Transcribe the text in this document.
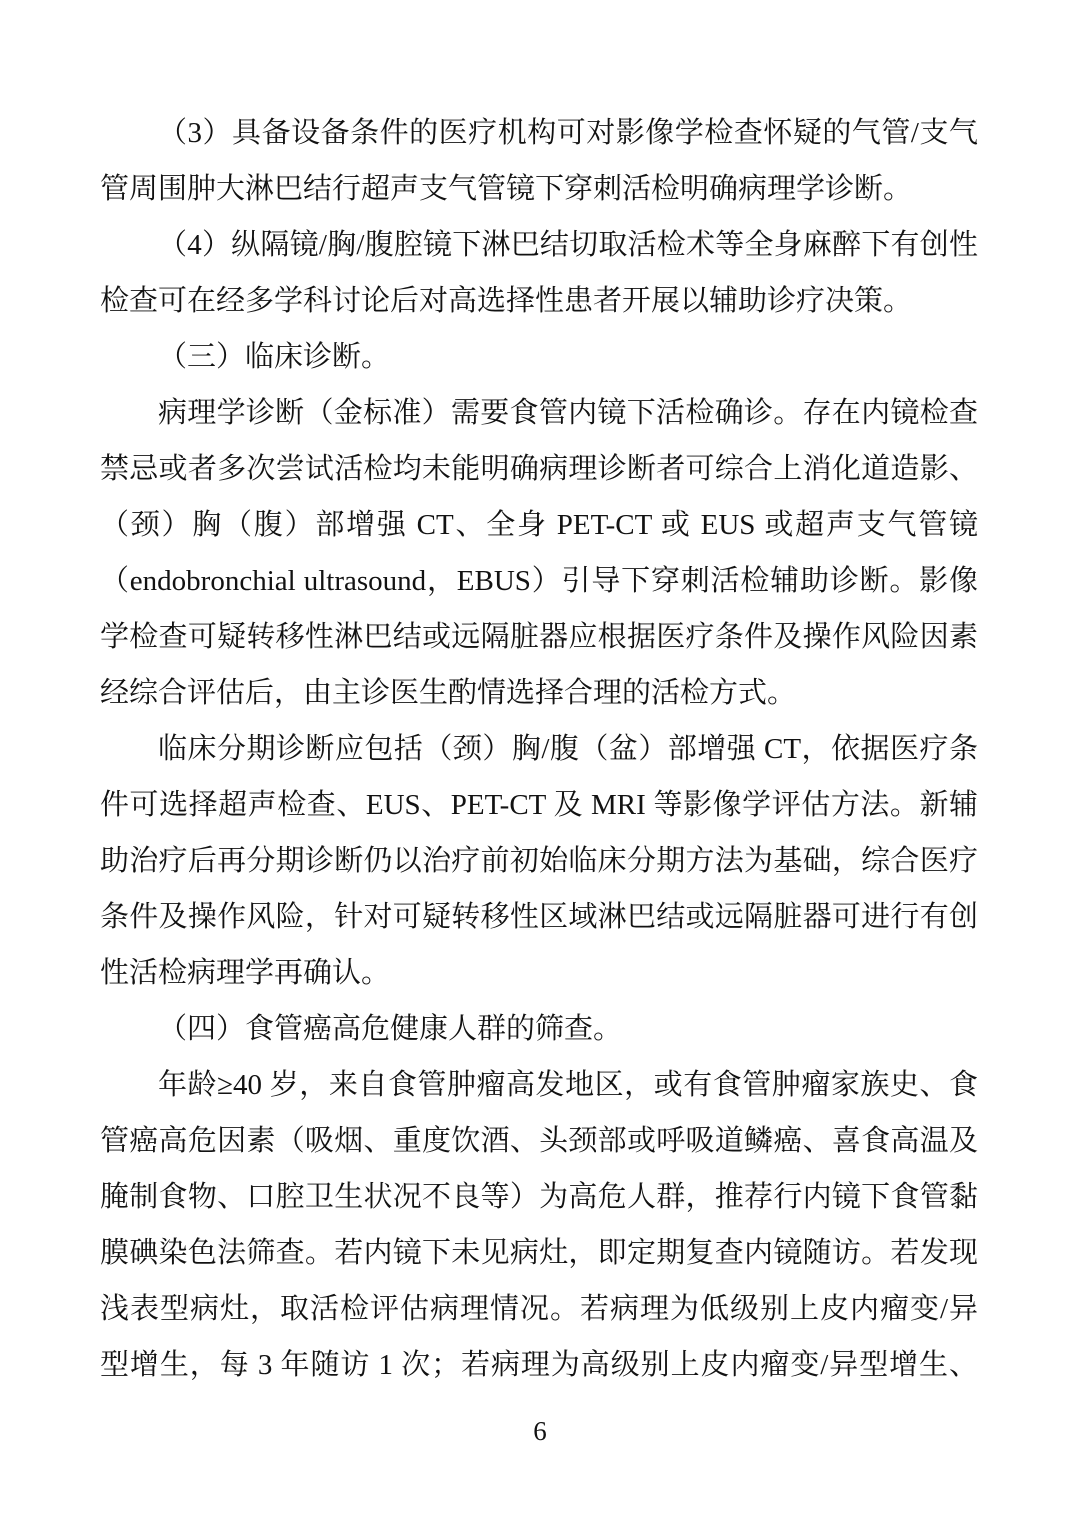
（3）具备设备条件的医疗机构可对影像学检查怀疑的气管/支气
管周围肿大淋巴结行超声支气管镜下穿刺活检明确病理学诊断。
（4）纵隔镜/胸/腹腔镜下淋巴结切取活检术等全身麻醉下有创性
检查可在经多学科讨论后对高选择性患者开展以辅助诊疗决策。
（三）临床诊断。
病理学诊断（金标准）需要食管内镜下活检确诊。存在内镜检查
禁忌或者多次尝试活检均未能明确病理诊断者可综合上消化道造影、
（颈）胸（腹）部增强 CT、全身 PET-CT 或 EUS 或超声支气管镜
（endobronchial ultrasound，EBUS）引导下穿刺活检辅助诊断。影像
学检查可疑转移性淋巴结或远隔脏器应根据医疗条件及操作风险因素
经综合评估后，由主诊医生酌情选择合理的活检方式。
临床分期诊断应包括（颈）胸/腹（盆）部增强 CT，依据医疗条
件可选择超声检查、EUS、PET-CT 及 MRI 等影像学评估方法。新辅
助治疗后再分期诊断仍以治疗前初始临床分期方法为基础，综合医疗
条件及操作风险，针对可疑转移性区域淋巴结或远隔脏器可进行有创
性活检病理学再确认。
（四）食管癌高危健康人群的筛查。
年龄≥40 岁，来自食管肿瘤高发地区，或有食管肿瘤家族史、食
管癌高危因素（吸烟、重度饮酒、头颈部或呼吸道鳞癌、喜食高温及
腌制食物、口腔卫生状况不良等）为高危人群，推荐行内镜下食管黏
膜碘染色法筛查。若内镜下未见病灶，即定期复查内镜随访。若发现
浅表型病灶，取活检评估病理情况。若病理为低级别上皮内瘤变/异
型增生，每 3 年随访 1 次；若病理为高级别上皮内瘤变/异型增生、
6
